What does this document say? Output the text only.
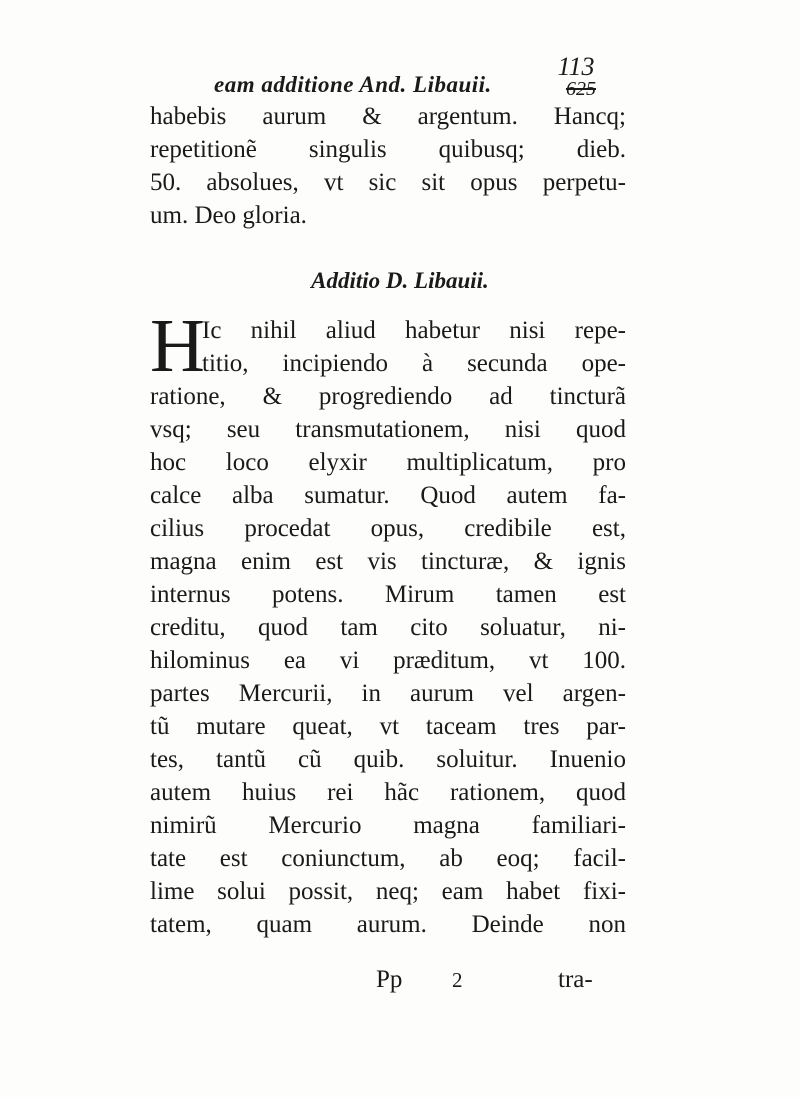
eam additione And. Libauii.
113
625
habebis aurum & argentum. Hancq;
repetitionẽ singulis quibusq; dieb.
50. absolues, vt sic sit opus perpetu-
um. Deo gloria.
Additio D. Libauii.
H
Ic nihil aliud habetur nisi repe-
titio, incipiendo à secunda ope-
ratione, & progrediendo ad tincturã
vsq; seu transmutationem, nisi quod
hoc loco elyxir multiplicatum, pro
calce alba sumatur. Quod autem fa-
cilius procedat opus, credibile est,
magna enim est vis tincturæ, & ignis
internus potens. Mirum tamen est
creditu, quod tam cito soluatur, ni-
hilominus ea vi præditum, vt 100.
partes Mercurii, in aurum vel argen-
tũ mutare queat, vt taceam tres par-
tes, tantũ cũ quib. soluitur. Inuenio
autem huius rei hãc rationem, quod
nimirũ Mercurio magna familiari-
tate est coniunctum, ab eoq; facil-
lime solui possit, neq; eam habet fixi-
tatem, quam aurum. Deinde non
Pp 2	tra-
